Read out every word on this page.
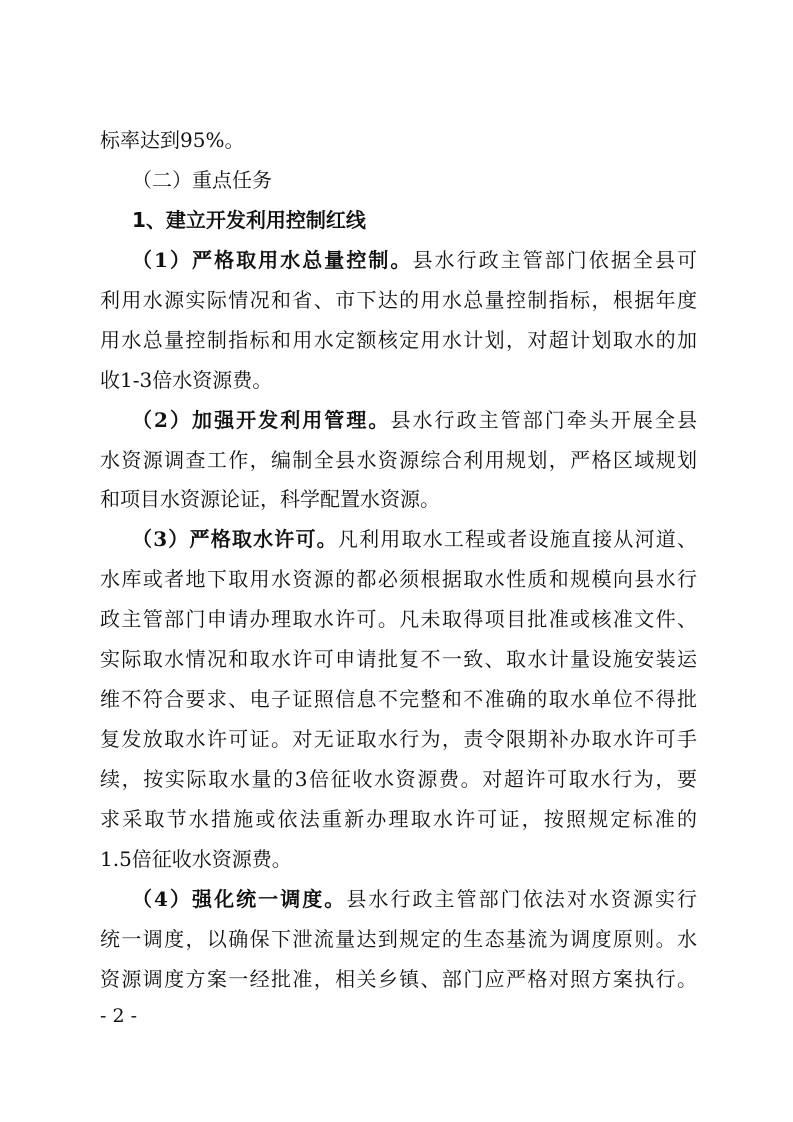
标率达到95%。
（二）重点任务
1、建立开发利用控制红线
（1）严格取用水总量控制。县水行政主管部门依据全县可
利用水源实际情况和省、市下达的用水总量控制指标，根据年度
用水总量控制指标和用水定额核定用水计划，对超计划取水的加
收1-3倍水资源费。
（2）加强开发利用管理。县水行政主管部门牵头开展全县
水资源调查工作，编制全县水资源综合利用规划，严格区域规划
和项目水资源论证，科学配置水资源。
（3）严格取水许可。凡利用取水工程或者设施直接从河道、
水库或者地下取用水资源的都必须根据取水性质和规模向县水行
政主管部门申请办理取水许可。凡未取得项目批准或核准文件、
实际取水情况和取水许可申请批复不一致、取水计量设施安装运
维不符合要求、电子证照信息不完整和不准确的取水单位不得批
复发放取水许可证。对无证取水行为，责令限期补办取水许可手
续，按实际取水量的3倍征收水资源费。对超许可取水行为，要
求采取节水措施或依法重新办理取水许可证，按照规定标准的
1.5倍征收水资源费。
（4）强化统一调度。县水行政主管部门依法对水资源实行
统一调度，以确保下泄流量达到规定的生态基流为调度原则。水
资源调度方案一经批准，相关乡镇、部门应严格对照方案执行。
- 2 -
